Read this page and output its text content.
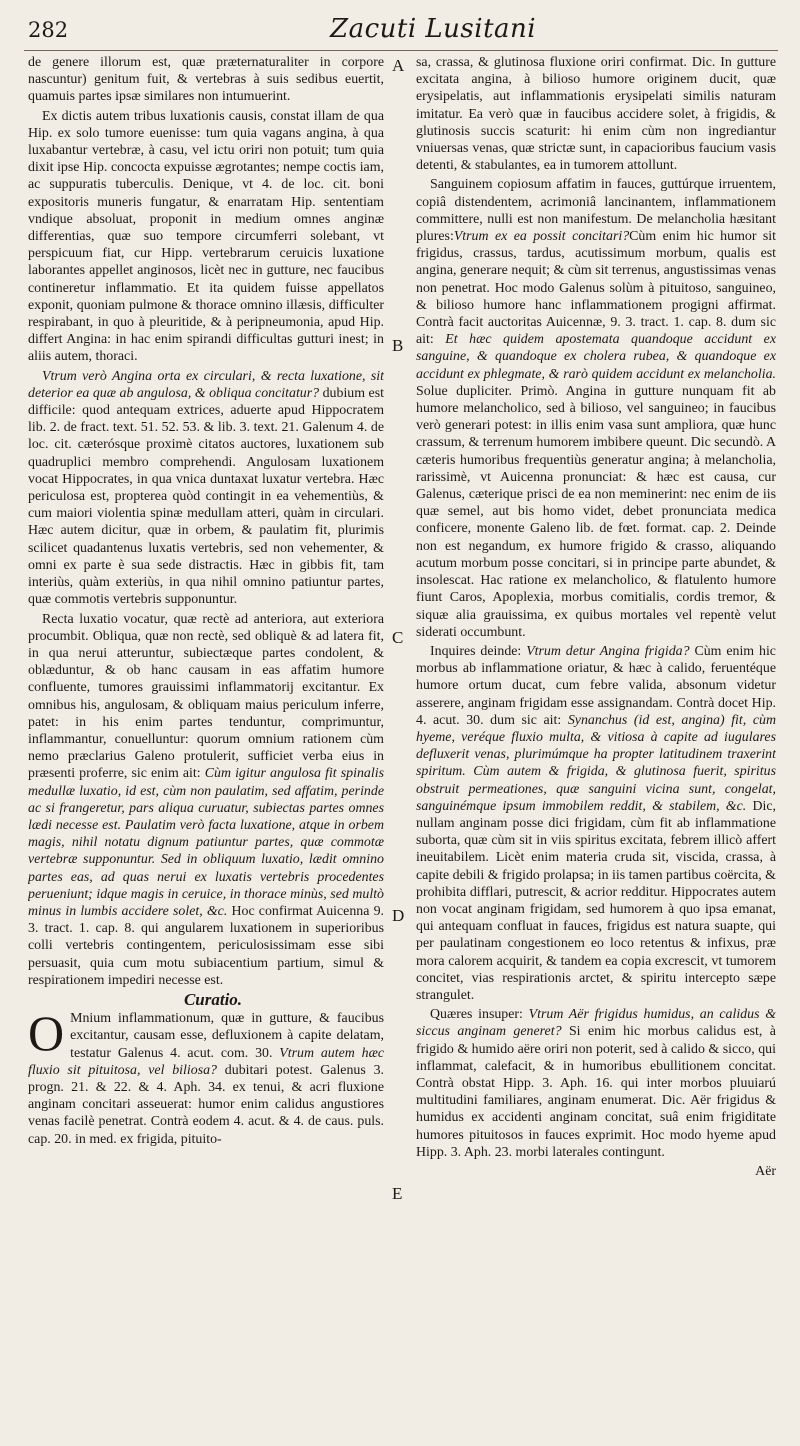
282	Zacuti Lusitani
A
B
C
D
E

de genere illorum est, quæ præternaturaliter in corpore nascuntur) genitum fuit, & vertebras à suis sedibus euertit, quamuis partes ipsæ similares non intumuerint.

Ex dictis autem tribus luxationis causis, constat illam de qua Hip. ex solo tumore euenisse: tum quia vagans angina, à qua luxabantur vertebræ, à casu, vel ictu oriri non potuit; tum quia dixit ipse Hip. concocta expuisse ægrotantes; nempe coctis iam, ac suppuratis tuberculis. Denique, vt 4. de loc. cit. boni expositoris muneris fungatur, & enarratam Hip. sententiam vndique absoluat, proponit in medium omnes anginæ differentias, quæ suo tempore circumferri solebant, vt perspicuum fiat, cur Hipp. vertebrarum ceruicis luxatione laborantes appellet anginosos, licèt nec in gutture, nec faucibus contineretur inflammatio. Et ita quidem fuisse appellatos exponit, quoniam pulmone & thorace omnino illæsis, difficulter respirabant, in quo à pleuritide, & à peripneumonia, apud Hip. differt Angina: in hac enim spirandi difficultas gutturi inest; in aliis autem, thoraci.

Vtrum verò Angina orta ex circulari, & recta luxatione, sit deterior ea quæ ab angulosa, & obliqua concitatur? dubium est difficile: quod antequam extrices, aduerte apud Hippocratem lib. 2. de fract. text. 51. 52. 53. & lib. 3. text. 21. Galenum 4. de loc. cit. cæterósque proximè citatos auctores, luxationem sub quadruplici membro comprehendi. Angulosam luxationem vocat Hippocrates, in qua vnica duntaxat luxatur vertebra. Hæc periculosa est, propterea quòd contingit in ea vehementiùs, & cum maiori violentia spinæ medullam atteri, quàm in circulari. Hæc autem dicitur, quæ in orbem, & paulatim fit, plurimis scilicet quadantenus luxatis vertebris, sed non vehementer, & omni ex parte è sua sede distractis. Hæc in gibbis fit, tam interiùs, quàm exteriùs, in qua nihil omnino patiuntur partes, quæ commotis vertebris supponuntur.

Recta luxatio vocatur, quæ rectè ad anteriora, aut exteriora procumbit. Obliqua, quæ non rectè, sed obliquè & ad latera fit, in qua nerui atteruntur, subiectæque partes condolent, & oblæduntur, & ob hanc causam in eas affatim humore confluente, tumores grauissimi inflammatorij excitantur. Ex omnibus his, angulosam, & obliquam maius periculum inferre, patet: in his enim partes tenduntur, comprimuntur, inflammantur, conuelluntur: quorum omnium rationem cùm nemo præclarius Galeno protulerit, sufficiet verba eius in præsenti proferre, sic enim ait: Cùm igitur angulosa fit spinalis medullæ luxatio, id est, cùm non paulatim, sed affatim, perinde ac si frangeretur, pars aliqua curuatur, subiectas partes omnes lædi necesse est. Paulatim verò facta luxatione, atque in orbem magis, nihil notatu dignum patiuntur partes, quæ commotæ vertebræ supponuntur. Sed in obliquum luxatio, lædit omnino partes eas, ad quas nerui ex luxatis vertebris procedentes perueniunt; idque magis in ceruice, in thorace minùs, sed multò minus in lumbis accidere solet, &c. Hoc confirmat Auicenna 9. 3. tract. 1. cap. 8. qui angularem luxationem in superioribus colli vertebris contingentem, periculosissimam esse sibi persuasit, quia cum motu subiacentium partium, simul & respirationem impediri necesse est.

Curatio.

O Mnium inflammationum, quæ in gutture, & faucibus excitantur, causam esse, defluxionem à capite delatam, testatur Galenus 4. acut. com. 30. Vtrum autem hæc fluxio sit pituitosa, vel biliosa? dubitari potest. Galenus 3. progn. 21. & 22. & 4. Aph. 34. ex tenui, & acri fluxione anginam concitari asseuerat: humor enim calidus angustiores venas facilè penetrat. Contrà eodem 4. acut. & 4. de caus. puls. cap. 20. in med. ex frigida, pituito-

sa, crassa, & glutinosa fluxione oriri confirmat. Dic. In gutture excitata angina, à bilioso humore originem ducit, quæ erysipelatis, aut inflammationis erysipelati similis naturam imitatur. Ea verò quæ in faucibus accidere solet, à frigidis, & glutinosis succis scaturit: hi enim cùm non ingrediantur vniuersas venas, quæ strictæ sunt, in capacioribus faucium vasis detenti, & stabulantes, ea in tumorem attollunt.

Sanguinem copiosum affatim in fauces, guttúrque irruentem, copiâ distendentem, acrimoniâ lancinantem, inflammationem committere, nulli est non manifestum. De melancholia hæsitant plures:Vtrum ex ea possit concitari?Cùm enim hic humor sit frigidus, crassus, tardus, acutissimum morbum, qualis est angina, generare nequit; & cùm sit terrenus, angustissimas venas non penetrat. Hoc modo Galenus solùm à pituitoso, sanguineo, & bilioso humore hanc inflammationem progigni affirmat. Contrà facit auctoritas Auicennæ, 9. 3. tract. 1. cap. 8. dum sic ait: Et hæc quidem apostemata quandoque accidunt ex sanguine, & quandoque ex cholera rubea, & quandoque ex accidunt ex phlegmate, & rarò quidem accidunt ex melancholia. Solue dupliciter. Primò. Angina in gutture nunquam fit ab humore melancholico, sed à bilioso, vel sanguineo; in faucibus verò generari potest: in illis enim vasa sunt ampliora, quæ hunc crassum, & terrenum humorem imbibere queunt. Dic secundò. A cæteris humoribus frequentiùs generatur angina; à melancholia, rarissimè, vt Auicenna pronunciat: & hæc est causa, cur Galenus, cæterique prisci de ea non meminerint: nec enim de iis quæ semel, aut bis homo videt, debet pronunciata medica conficere, monente Galeno lib. de fœt. format. cap. 2. Deinde non est negandum, ex humore frigido & crasso, aliquando acutum morbum posse concitari, si in principe parte abundet, & insolescat. Hac ratione ex melancholico, & flatulento humore fiunt Caros, Apoplexia, morbus comitialis, cordis tremor, & siquæ alia grauissima, ex quibus mortales vel repentè velut siderati occumbunt.

Inquires deinde: Vtrum detur Angina frigida? Cùm enim hic morbus ab inflammatione oriatur, & hæc à calido, feruentéque humore ortum ducat, cum febre valida, absonum videtur asserere, anginam frigidam esse assignandam. Contrà docet Hip. 4. acut. 30. dum sic ait: Synanchus (id est, angina) fit, cùm hyeme, veréque fluxio multa, & vitiosa à capite ad iugulares defluxerit venas, plurimúmque ha propter latitudinem traxerint spiritum. Cùm autem & frigida, & glutinosa fuerit, spiritus obstruit permeationes, quæ sanguini vicina sunt, congelat, sanguinémque ipsum immobilem reddit, & stabilem, &c. Dic, nullam anginam posse dici frigidam, cùm fit ab inflammatione suborta, quæ cùm sit in viis spiritus excitata, febrem illicò affert ineuitabilem. Licèt enim materia cruda sit, viscida, crassa, à capite debili & frigido prolapsa; in iis tamen partibus coërcita, & prohibita difflari, putrescit, & acrior redditur. Hippocrates autem non vocat anginam frigidam, sed humorem à quo ipsa emanat, qui antequam confluat in fauces, frigidus est natura suapte, qui per paulatinam congestionem eo loco retentus & infixus, præ mora calorem acquirit, & tandem ea copia excrescit, vt tumorem concitet, vias respirationis arctet, & spiritu intercepto sæpe strangulet.

Quæres insuper: Vtrum Aër frigidus humidus, an calidus & siccus anginam generet? Si enim hic morbus calidus est, à frigido & humido aëre oriri non poterit, sed à calido & sicco, qui inflammat, calefacit, & in humoribus ebullitionem concitat. Contrà obstat Hipp. 3. Aph. 16. qui inter morbos pluuiarú multitudini familiares, anginam enumerat. Dic. Aër frigidus & humidus ex accidenti anginam concitat, suâ enim frigiditate humores pituitosos in fauces exprimit. Hoc modo hyeme apud Hipp. 3. Aph. 23. morbi laterales contingunt.

Aër
